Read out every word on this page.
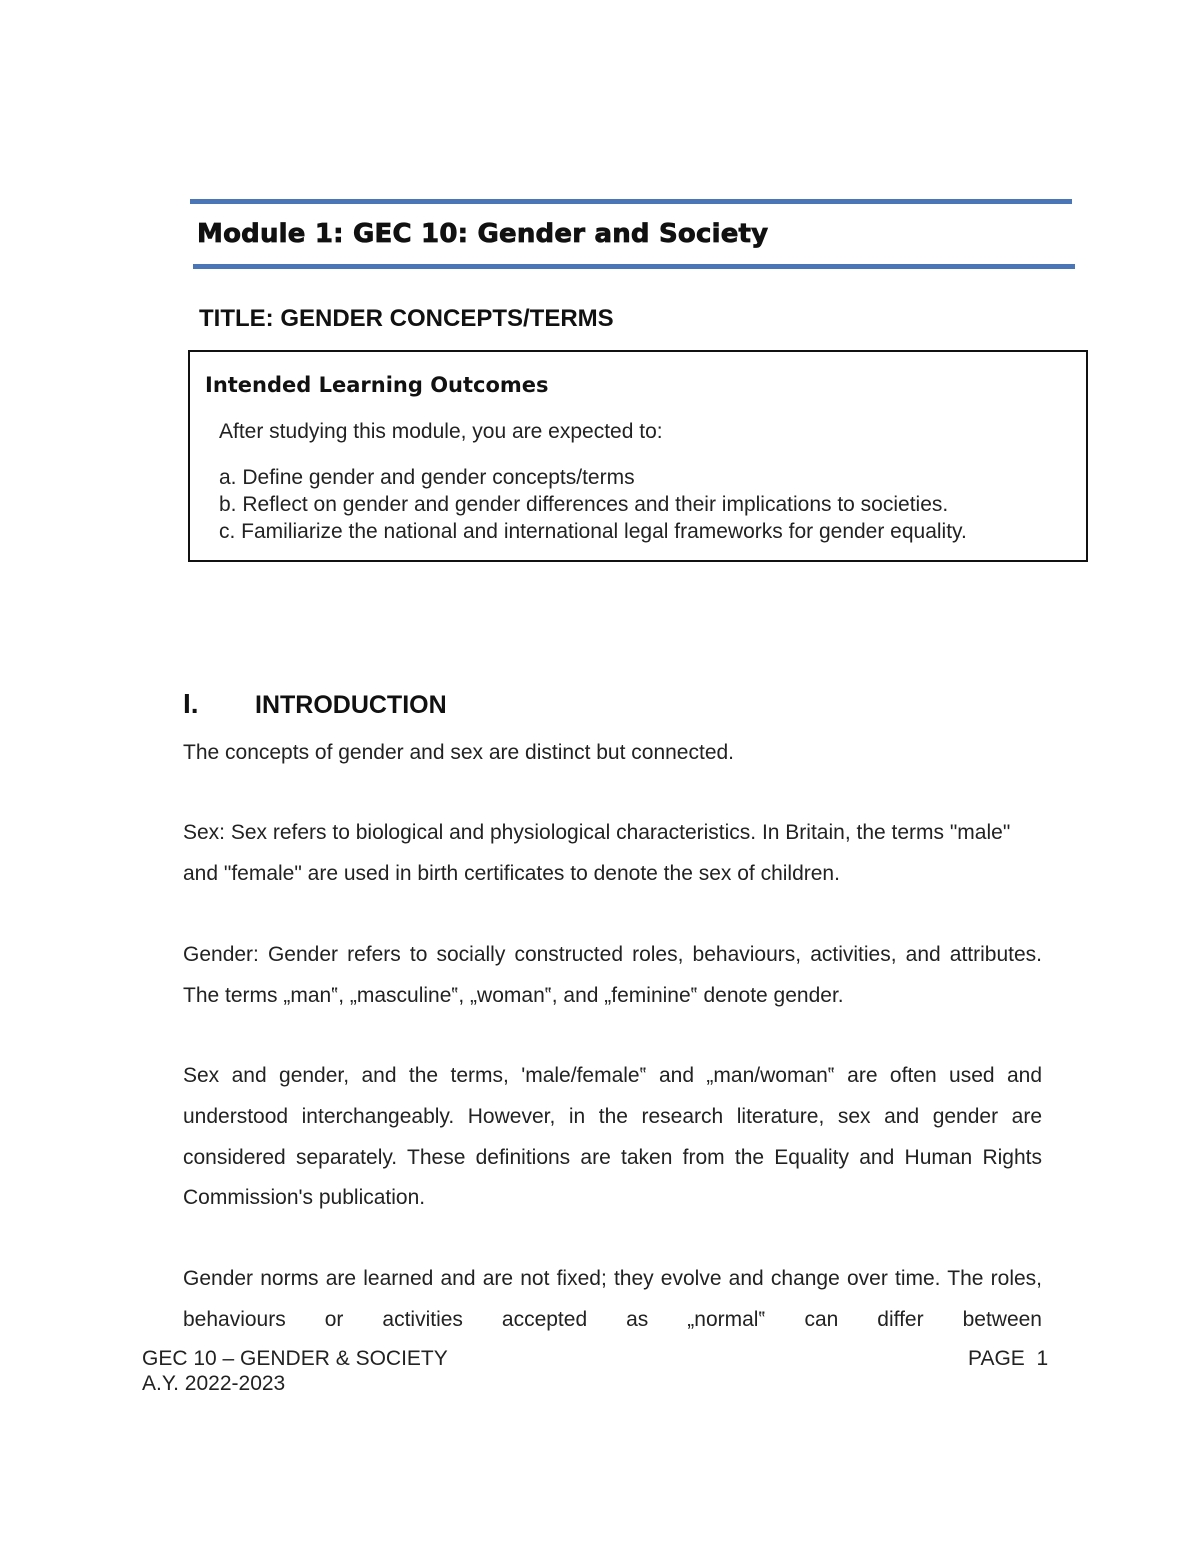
Module 1: GEC 10: Gender and Society
TITLE: GENDER CONCEPTS/TERMS
Intended Learning Outcomes
After studying this module, you are expected to:
a. Define gender and gender concepts/terms
b. Reflect on gender and gender differences and their implications to societies.
c. Familiarize the national and international legal frameworks for gender equality.
I. INTRODUCTION

The concepts of gender and sex are distinct but connected.

Sex: Sex refers to biological and physiological characteristics. In Britain, the terms "male" and "female" are used in birth certificates to denote the sex of children.

Gender: Gender refers to socially constructed roles, behaviours, activities, and attributes. The terms „man‟, „masculine‟, „woman‟, and „feminine‟ denote gender.

Sex and gender, and the terms, 'male/female‟ and „man/woman‟ are often used and understood interchangeably. However, in the research literature, sex and gender are considered separately. These definitions are taken from the Equality and Human Rights Commission's publication.

Gender norms are learned and are not fixed; they evolve and change over time. The roles, behaviours or activities accepted as „normal‟ can differ between

GEC 10 – GENDER & SOCIETY
A.Y. 2022-2023
PAGE  1
